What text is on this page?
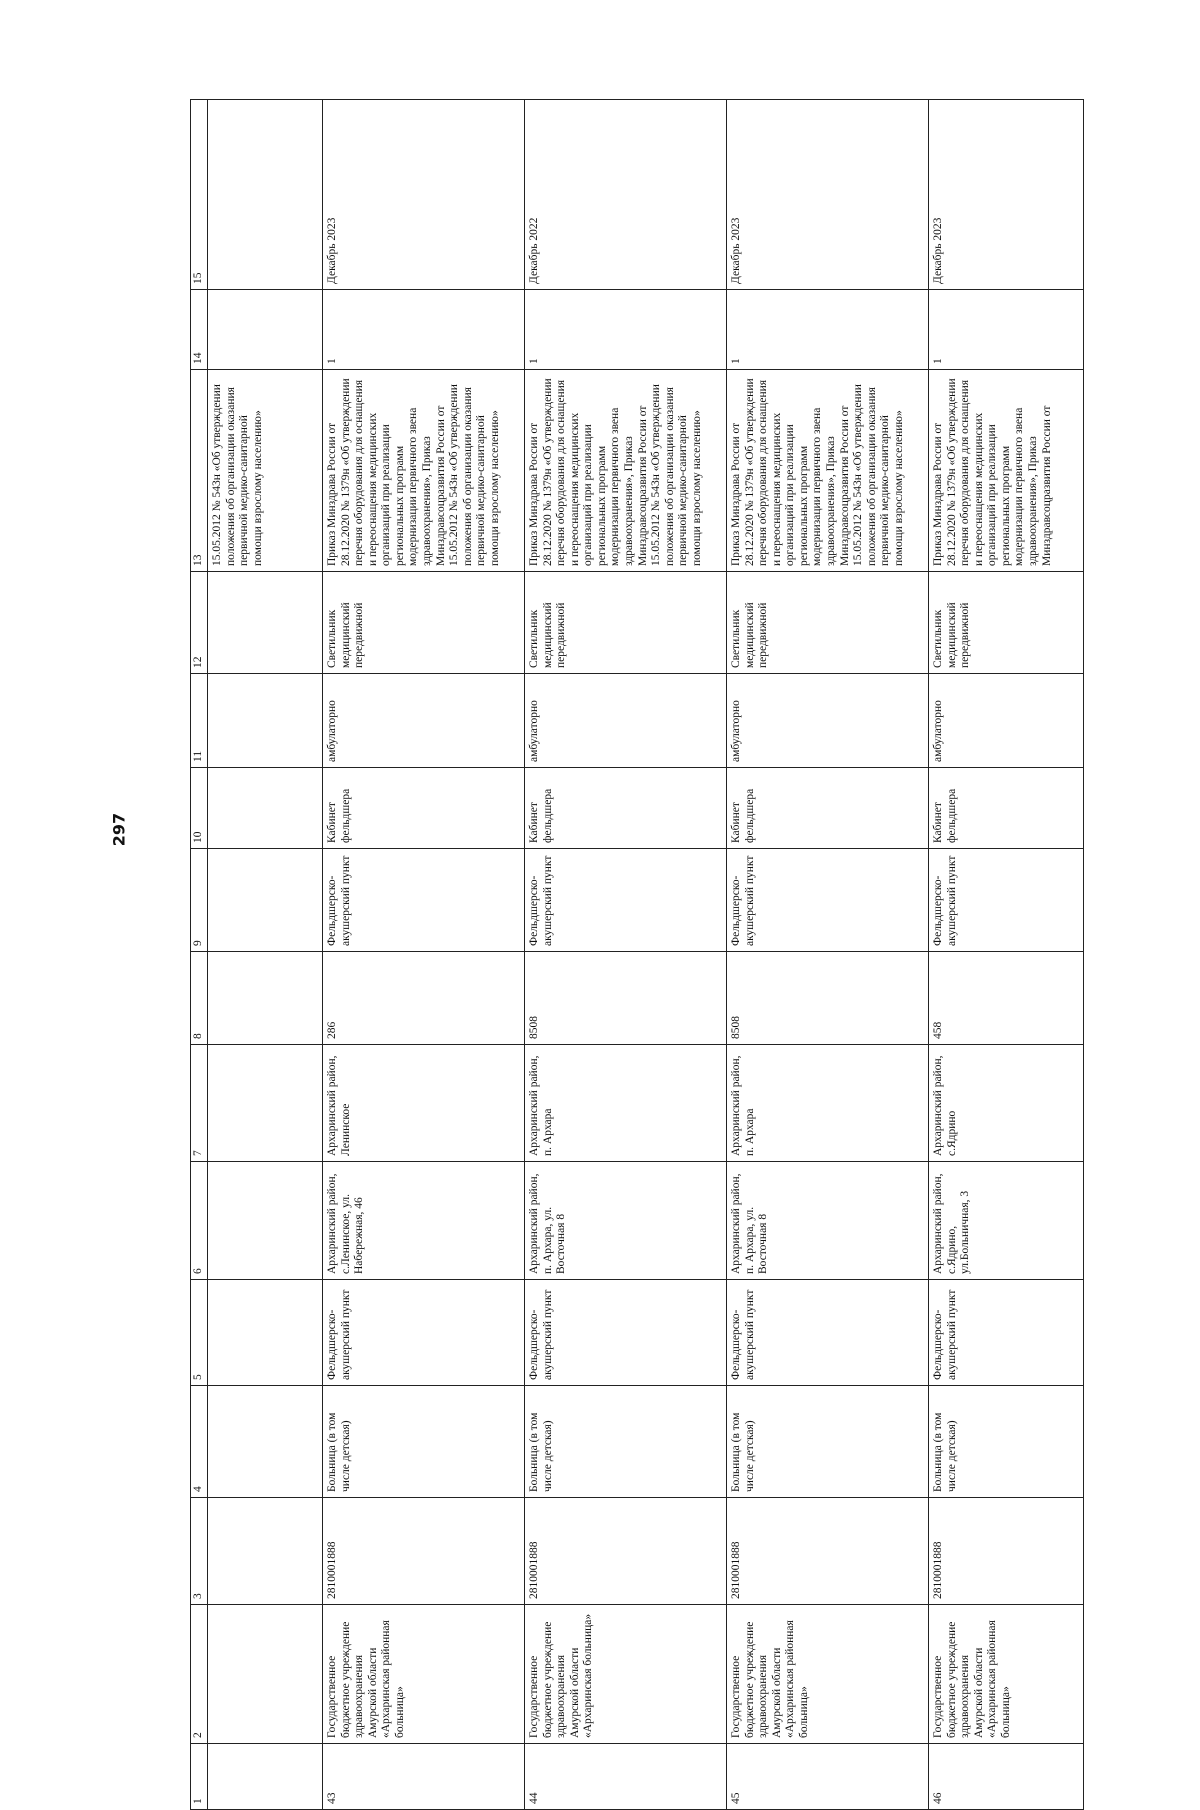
297
1	2	3	4	5	6	7	8	9	10	11	12	13	14	15
												15.05.2012 № 543н «Об утверждении положения об организации оказания первичной медико-санитарной помощи взрослому населению»		
43	Государственное бюджетное учреждение здравоохранения Амурской области «Архаринская районная больница»	2810001888	Больница (в том числе детская)	Фельдшерско-акушерский пункт	Архаринский район, с.Ленинское, ул. Набережная, 46	Архаринский район, Ленинское	286	Фельдшерско-акушерский пункт	Кабинет фельдшера	амбулаторно	Светильник медицинский передвижной	Приказ Минздрава России от 28.12.2020 № 1379н «Об утверждении перечня оборудования для оснащения и переоснащения медицинских организаций при реализации региональных программ модернизации первичного звена здравоохранения», Приказ Минздравсоцразвития России от 15.05.2012 № 543н «Об утверждении положения об организации оказания первичной медико-санитарной помощи взрослому населению»	1	Декабрь 2023
44	Государственное бюджетное учреждение здравоохранения Амурской области «Архаринская больница»	2810001888	Больница (в том числе детская)	Фельдшерско-акушерский пункт	Архаринский район, п. Архара, ул. Восточная 8	Архаринский район, п. Архара	8508	Фельдшерско-акушерский пункт	Кабинет фельдшера	амбулаторно	Светильник медицинский передвижной	Приказ Минздрава России от 28.12.2020 № 1379н «Об утверждении перечня оборудования для оснащения и переоснащения медицинских организаций при реализации региональных программ модернизации первичного звена здравоохранения», Приказ Минздравсоцразвития России от 15.05.2012 № 543н «Об утверждении положения об организации оказания первичной медико-санитарной помощи взрослому населению»	1	Декабрь 2022
45	Государственное бюджетное учреждение здравоохранения Амурской области «Архаринская районная больница»	2810001888	Больница (в том числе детская)	Фельдшерско-акушерский пункт	Архаринский район, п. Архара, ул. Восточная 8	Архаринский район, п. Архара	8508	Фельдшерско-акушерский пункт	Кабинет фельдшера	амбулаторно	Светильник медицинский передвижной	Приказ Минздрава России от 28.12.2020 № 1379н «Об утверждении перечня оборудования для оснащения и переоснащения медицинских организаций при реализации региональных программ модернизации первичного звена здравоохранения», Приказ Минздравсоцразвития России от 15.05.2012 № 543н «Об утверждении положения об организации оказания первичной медико-санитарной помощи взрослому населению»	1	Декабрь 2023
46	Государственное бюджетное учреждение здравоохранения Амурской области «Архаринская районная больница»	2810001888	Больница (в том числе детская)	Фельдшерско-акушерский пункт	Архаринский район, с.Ядрино, ул.Больничная, 3	Архаринский район, с.Ядрино	458	Фельдшерско-акушерский пункт	Кабинет фельдшера	амбулаторно	Светильник медицинский передвижной	Приказ Минздрава России от 28.12.2020 № 1379н «Об утверждении перечня оборудования для оснащения и переоснащения медицинских организаций при реализации региональных программ модернизации первичного звена здравоохранения», Приказ Минздравсоцразвития России от	1	Декабрь 2023
